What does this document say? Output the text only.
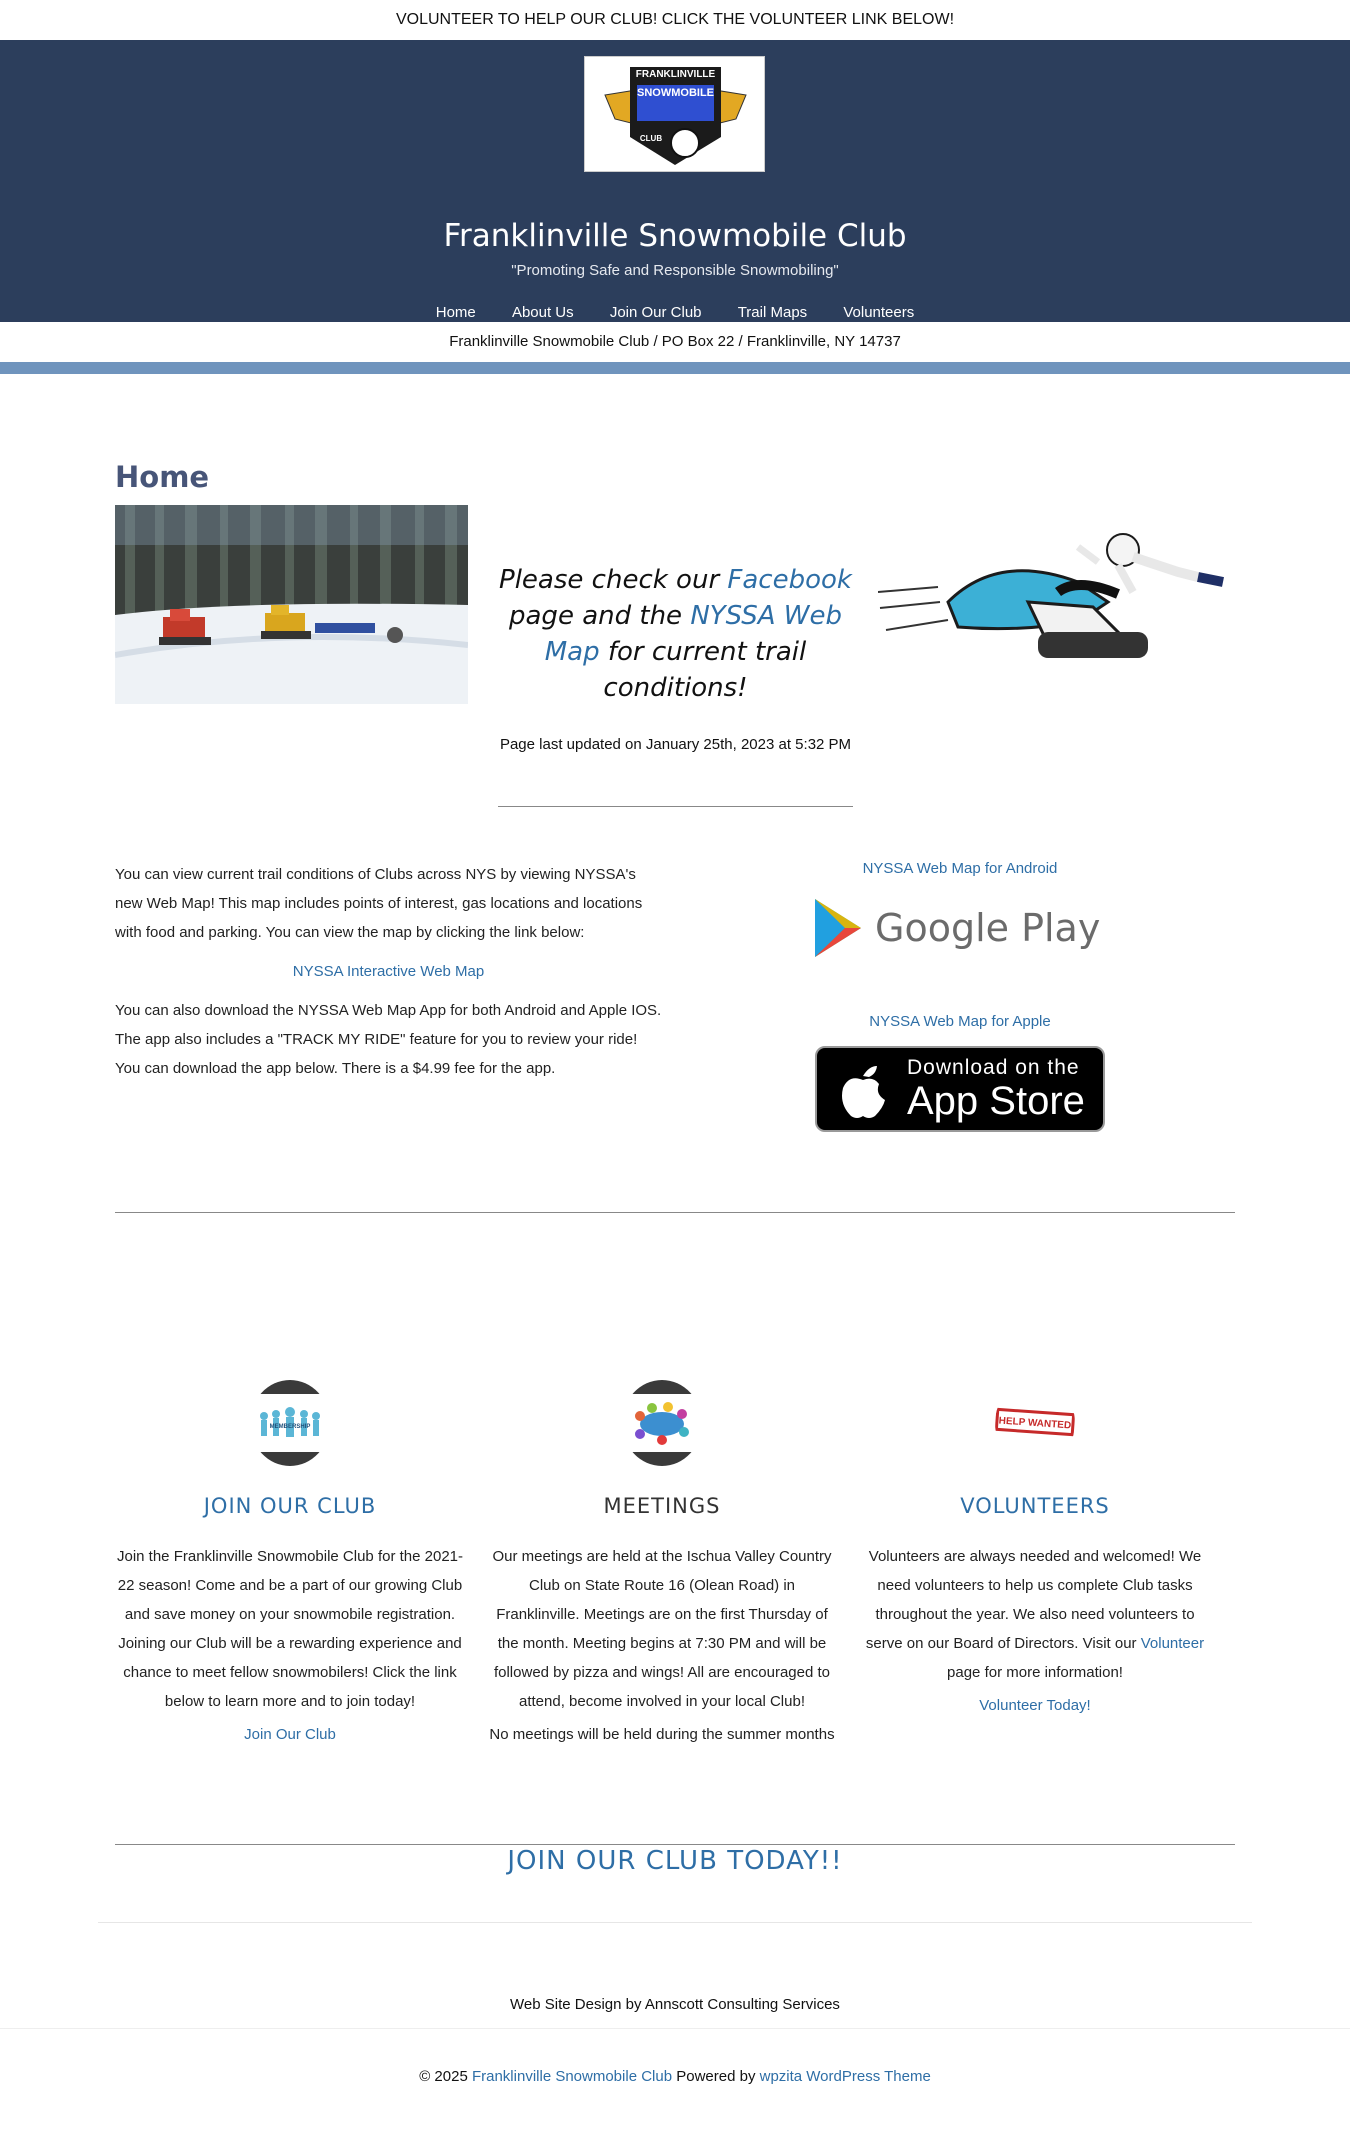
VOLUNTEER TO HELP OUR CLUB! CLICK THE VOLUNTEER LINK BELOW!
FRANKLINVILLE
SNOWMOBILE
CLUB
Franklinville Snowmobile Club
"Promoting Safe and Responsible Snowmobiling"
Home About Us Join Our Club Trail Maps Volunteers
Franklinville Snowmobile Club / PO Box 22 / Franklinville, NY 14737
Home
Please check our Facebook page and the NYSSA Web Map for current trail conditions!
Page last updated on January 25th, 2023 at 5:32 PM

You can view current trail conditions of Clubs across NYS by viewing NYSSA's new Web Map! This map includes points of interest, gas locations and locations with food and parking. You can view the map by clicking the link below:

NYSSA Interactive Web Map

You can also download the NYSSA Web Map App for both Android and Apple IOS. The app also includes a "TRACK MY RIDE" feature for you to review your ride! You can download the app below. There is a $4.99 fee for the app.

NYSSA Web Map for Android
Google Play
NYSSA Web Map for Apple
Download on the
App Store
MEMBERSHIP
JOIN OUR CLUB

Join the Franklinville Snowmobile Club for the 2021-22 season! Come and be a part of our growing Club and save money on your snowmobile registration. Joining our Club will be a rewarding experience and chance to meet fellow snowmobilers! Click the link below to learn more and to join today!

Join Our Club
MEETINGS

Our meetings are held at the Ischua Valley Country Club on State Route 16 (Olean Road) in Franklinville. Meetings are on the first Thursday of the month. Meeting begins at 7:30 PM and will be followed by pizza and wings! All are encouraged to attend, become involved in your local Club!

No meetings will be held during the summer months
HELP WANTED
VOLUNTEERS

Volunteers are always needed and welcomed! We need volunteers to help us complete Club tasks throughout the year. We also need volunteers to serve on our Board of Directors. Visit our Volunteer page for more information!

Volunteer Today!
JOIN OUR CLUB TODAY!!
Web Site Design by Annscott Consulting Services
© 2025 Franklinville Snowmobile Club Powered by wpzita WordPress Theme
